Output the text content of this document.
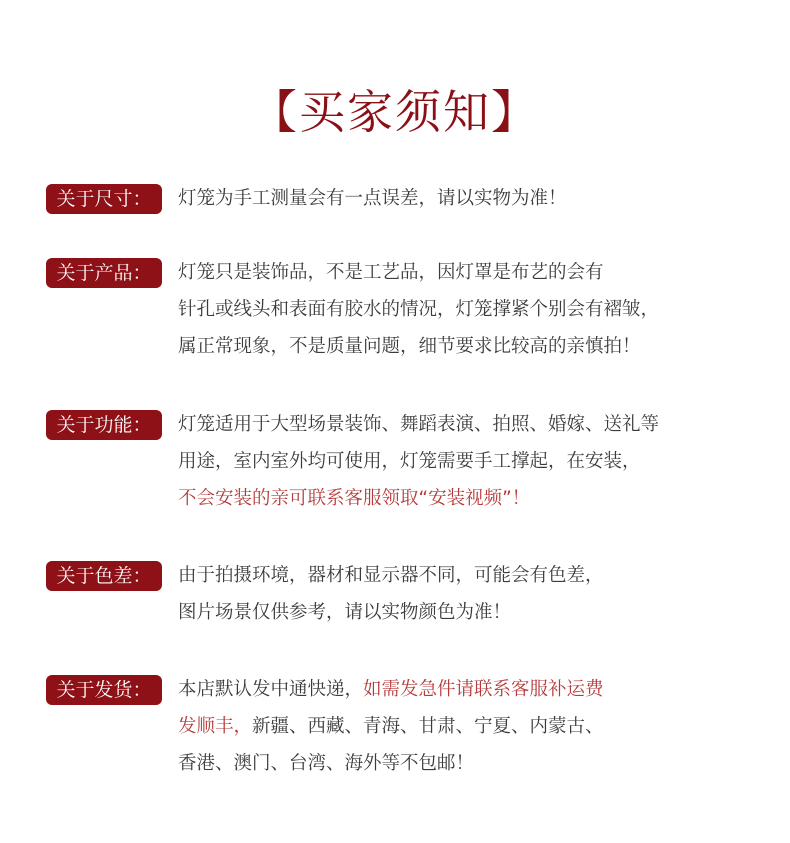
【买家须知】
关于尺寸：	灯笼为手工测量会有一点误差，请以实物为准！
关于产品：	灯笼只是装饰品，不是工艺品，因灯罩是布艺的会有
针孔或线头和表面有胶水的情况，灯笼撑紧个别会有褶皱，
属正常现象，不是质量问题，细节要求比较高的亲慎拍！
关于功能：	灯笼适用于大型场景装饰、舞蹈表演、拍照、婚嫁、送礼等
用途，室内室外均可使用，灯笼需要手工撑起，在安装，
不会安装的亲可联系客服领取“安装视频”！
关于色差：	由于拍摄环境，器材和显示器不同，可能会有色差，
图片场景仅供参考，请以实物颜色为准！
关于发货：	本店默认发中通快递，如需发急件请联系客服补运费
发顺丰，新疆、西藏、青海、甘肃、宁夏、内蒙古、
香港、澳门、台湾、海外等不包邮！
